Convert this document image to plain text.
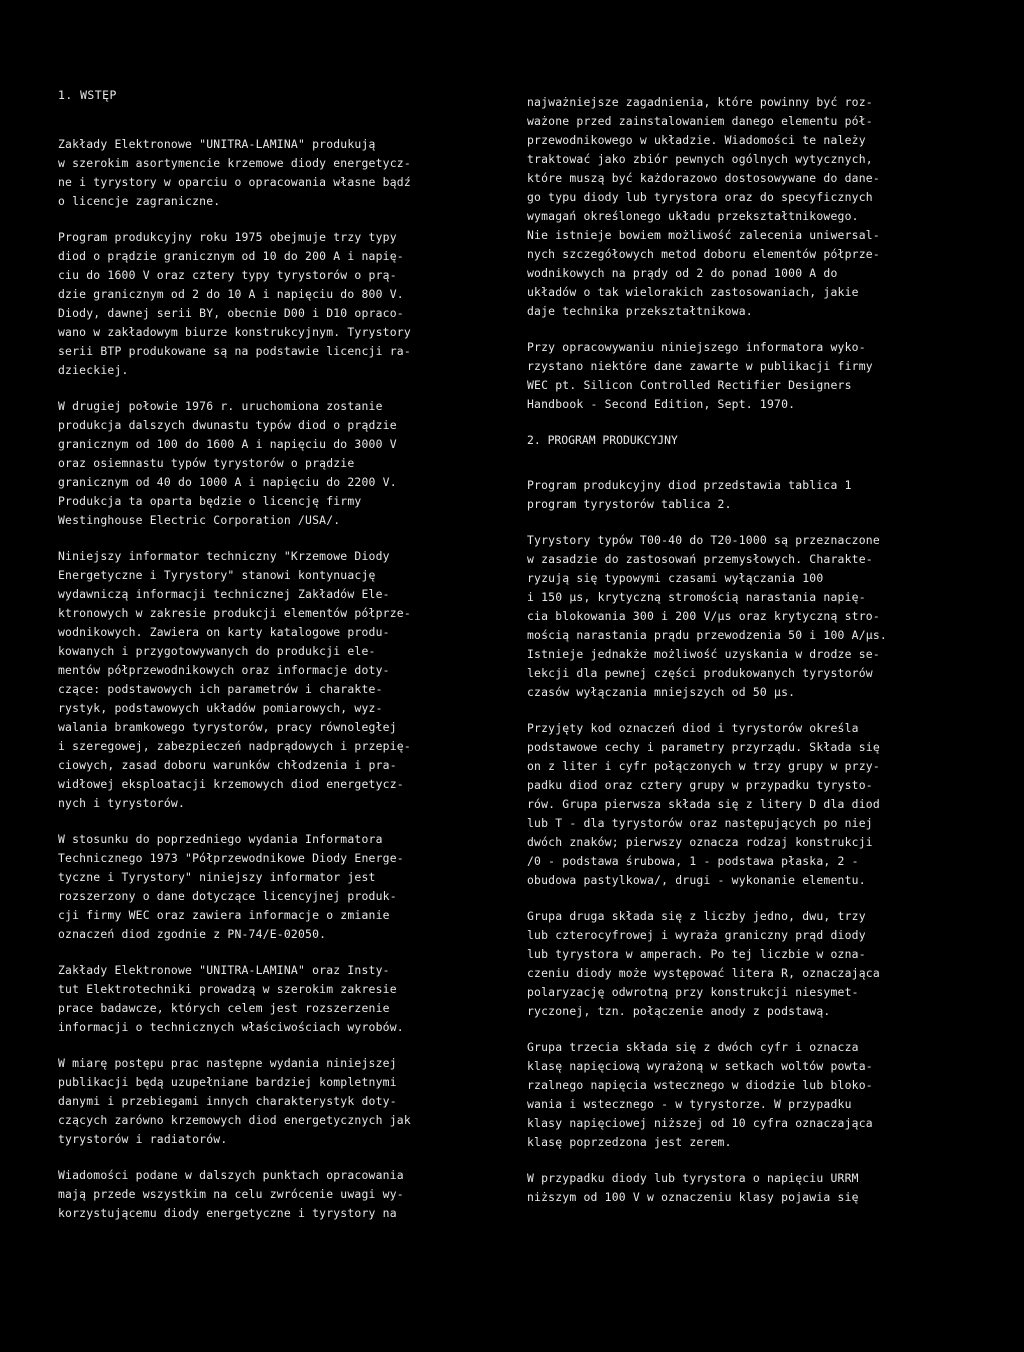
1. WSTĘP

Zakłady Elektronowe "UNITRA-LAMINA" produkują
w szerokim asortymencie krzemowe diody energetycz-
ne i tyrystory w oparciu o opracowania własne bądź
o licencje zagraniczne.

Program produkcyjny roku 1975 obejmuje trzy typy
diod o prądzie granicznym od 10 do 200 A i napię-
ciu do 1600 V oraz cztery typy tyrystorów o prą-
dzie granicznym od 2 do 10 A i napięciu do 800 V.
Diody, dawnej serii BY, obecnie D00 i D10 opraco-
wano w zakładowym biurze konstrukcyjnym. Tyrystory
serii BTP produkowane są na podstawie licencji ra-
dzieckiej.

W drugiej połowie 1976 r. uruchomiona zostanie
produkcja dalszych dwunastu typów diod o prądzie
granicznym od 100 do 1600 A i napięciu do 3000 V
oraz osiemnastu typów tyrystorów o prądzie
granicznym od 40 do 1000 A i napięciu do 2200 V.
Produkcja ta oparta będzie o licencję firmy
Westinghouse Electric Corporation /USA/.

Niniejszy informator techniczny "Krzemowe Diody
Energetyczne i Tyrystory" stanowi kontynuację
wydawniczą informacji technicznej Zakładów Ele-
ktronowych w zakresie produkcji elementów półprze-
wodnikowych. Zawiera on karty katalogowe produ-
kowanych i przygotowywanych do produkcji ele-
mentów półprzewodnikowych oraz informacje doty-
czące: podstawowych ich parametrów i charakte-
rystyk, podstawowych układów pomiarowych, wyz-
walania bramkowego tyrystorów, pracy równoległej
i szeregowej, zabezpieczeń nadprądowych i przepię-
ciowych, zasad doboru warunków chłodzenia i pra-
widłowej eksploatacji krzemowych diod energetycz-
nych i tyrystorów.

W stosunku do poprzedniego wydania Informatora
Technicznego 1973 "Półprzewodnikowe Diody Energe-
tyczne i Tyrystory" niniejszy informator jest
rozszerzony o dane dotyczące licencyjnej produk-
cji firmy WEC oraz zawiera informacje o zmianie
oznaczeń diod zgodnie z PN-74/E-02050.

Zakłady Elektronowe "UNITRA-LAMINA" oraz Insty-
tut Elektrotechniki prowadzą w szerokim zakresie
prace badawcze, których celem jest rozszerzenie
informacji o technicznych właściwościach wyrobów.

W miarę postępu prac następne wydania niniejszej
publikacji będą uzupełniane bardziej kompletnymi
danymi i przebiegami innych charakterystyk doty-
czących zarówno krzemowych diod energetycznych jak
tyrystorów i radiatorów.

Wiadomości podane w dalszych punktach opracowania
mają przede wszystkim na celu zwrócenie uwagi wy-
korzystującemu diody energetyczne i tyrystory na

najważniejsze zagadnienia, które powinny być roz-
ważone przed zainstalowaniem danego elementu pół-
przewodnikowego w układzie. Wiadomości te należy
traktować jako zbiór pewnych ogólnych wytycznych,
które muszą być każdorazowo dostosowywane do dane-
go typu diody lub tyrystora oraz do specyficznych
wymagań określonego układu przekształtnikowego.
Nie istnieje bowiem możliwość zalecenia uniwersal-
nych szczegółowych metod doboru elementów półprze-
wodnikowych na prądy od 2 do ponad 1000 A do
układów o tak wielorakich zastosowaniach, jakie
daje technika przekształtnikowa.

Przy opracowywaniu niniejszego informatora wyko-
rzystano niektóre dane zawarte w publikacji firmy
WEC pt. Silicon Controlled Rectifier Designers
Handbook - Second Edition, Sept. 1970.

2. PROGRAM PRODUKCYJNY

Program produkcyjny diod przedstawia tablica 1
program tyrystorów tablica 2.

Tyrystory typów T00-40 do T20-1000 są przeznaczone
w zasadzie do zastosowań przemysłowych. Charakte-
ryzują się typowymi czasami wyłączania 100
i 150 µs, krytyczną stromością narastania napię-
cia blokowania 300 i 200 V/µs oraz krytyczną stro-
mością narastania prądu przewodzenia 50 i 100 A/µs.
Istnieje jednakże możliwość uzyskania w drodze se-
lekcji dla pewnej części produkowanych tyrystorów
czasów wyłączania mniejszych od 50 µs.

Przyjęty kod oznaczeń diod i tyrystorów określa
podstawowe cechy i parametry przyrządu. Składa się
on z liter i cyfr połączonych w trzy grupy w przy-
padku diod oraz cztery grupy w przypadku tyrysto-
rów. Grupa pierwsza składa się z litery D dla diod
lub T - dla tyrystorów oraz następujących po niej
dwóch znaków; pierwszy oznacza rodzaj konstrukcji
/0 - podstawa śrubowa, 1 - podstawa płaska, 2 -
obudowa pastylkowa/, drugi - wykonanie elementu.

Grupa druga składa się z liczby jedno, dwu, trzy
lub czterocyfrowej i wyraża graniczny prąd diody
lub tyrystora w amperach. Po tej liczbie w ozna-
czeniu diody może występować litera R, oznaczająca
polaryzację odwrotną przy konstrukcji niesymet-
ryczonej, tzn. połączenie anody z podstawą.

Grupa trzecia składa się z dwóch cyfr i oznacza
klasę napięciową wyrażoną w setkach woltów powta-
rzalnego napięcia wstecznego w diodzie lub bloko-
wania i wstecznego - w tyrystorze. W przypadku
klasy napięciowej niższej od 10 cyfra oznaczająca
klasę poprzedzona jest zerem.

W przypadku diody lub tyrystora o napięciu URRM
niższym od 100 V w oznaczeniu klasy pojawia się
